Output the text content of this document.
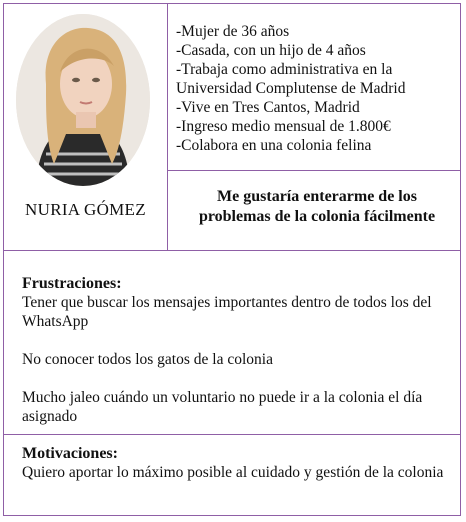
NURIA GÓMEZ
-Mujer de 36 años
-Casada, con un hijo de 4 años
-Trabaja como administrativa en la
Universidad Complutense de Madrid
-Vive en Tres Cantos, Madrid
-Ingreso medio mensual de 1.800€
-Colabora en una colonia felina
Me gustaría enterarme de los problemas de la colonia fácilmente
Frustraciones:

Tener que buscar los mensajes importantes dentro de todos los del WhatsApp

No conocer todos los gatos de la colonia

Mucho jaleo cuándo un voluntario no puede ir a la colonia el día asignado

Motivaciones:

Quiero aportar lo máximo posible al cuidado y gestión de la colonia
